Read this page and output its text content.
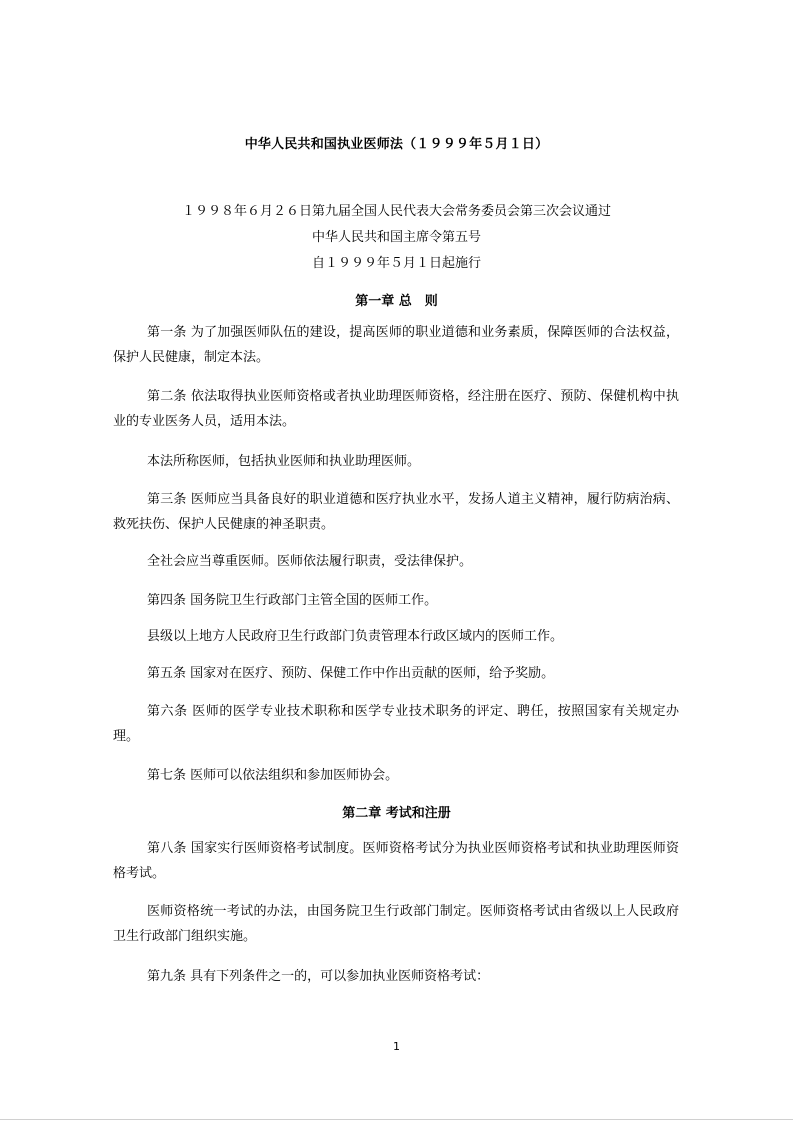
中华人民共和国执业医师法（１９９９年５月１日）
１９９８年６月２６日第九届全国人民代表大会常务委员会第三次会议通过
中华人民共和国主席令第五号
自１９９９年５月１日起施行
第一章 总　则

第一条 为了加强医师队伍的建设，提高医师的职业道德和业务素质，保障医师的合法权益，保护人民健康，制定本法。

第二条 依法取得执业医师资格或者执业助理医师资格，经注册在医疗、预防、保健机构中执业的专业医务人员，适用本法。

本法所称医师，包括执业医师和执业助理医师。

第三条 医师应当具备良好的职业道德和医疗执业水平，发扬人道主义精神，履行防病治病、救死扶伤、保护人民健康的神圣职责。

全社会应当尊重医师。医师依法履行职责，受法律保护。

第四条 国务院卫生行政部门主管全国的医师工作。

县级以上地方人民政府卫生行政部门负责管理本行政区域内的医师工作。

第五条 国家对在医疗、预防、保健工作中作出贡献的医师，给予奖励。

第六条 医师的医学专业技术职称和医学专业技术职务的评定、聘任，按照国家有关规定办理。

第七条 医师可以依法组织和参加医师协会。

第二章 考试和注册

第八条 国家实行医师资格考试制度。医师资格考试分为执业医师资格考试和执业助理医师资格考试。

医师资格统一考试的办法，由国务院卫生行政部门制定。医师资格考试由省级以上人民政府卫生行政部门组织实施。

第九条 具有下列条件之一的，可以参加执业医师资格考试：

1
